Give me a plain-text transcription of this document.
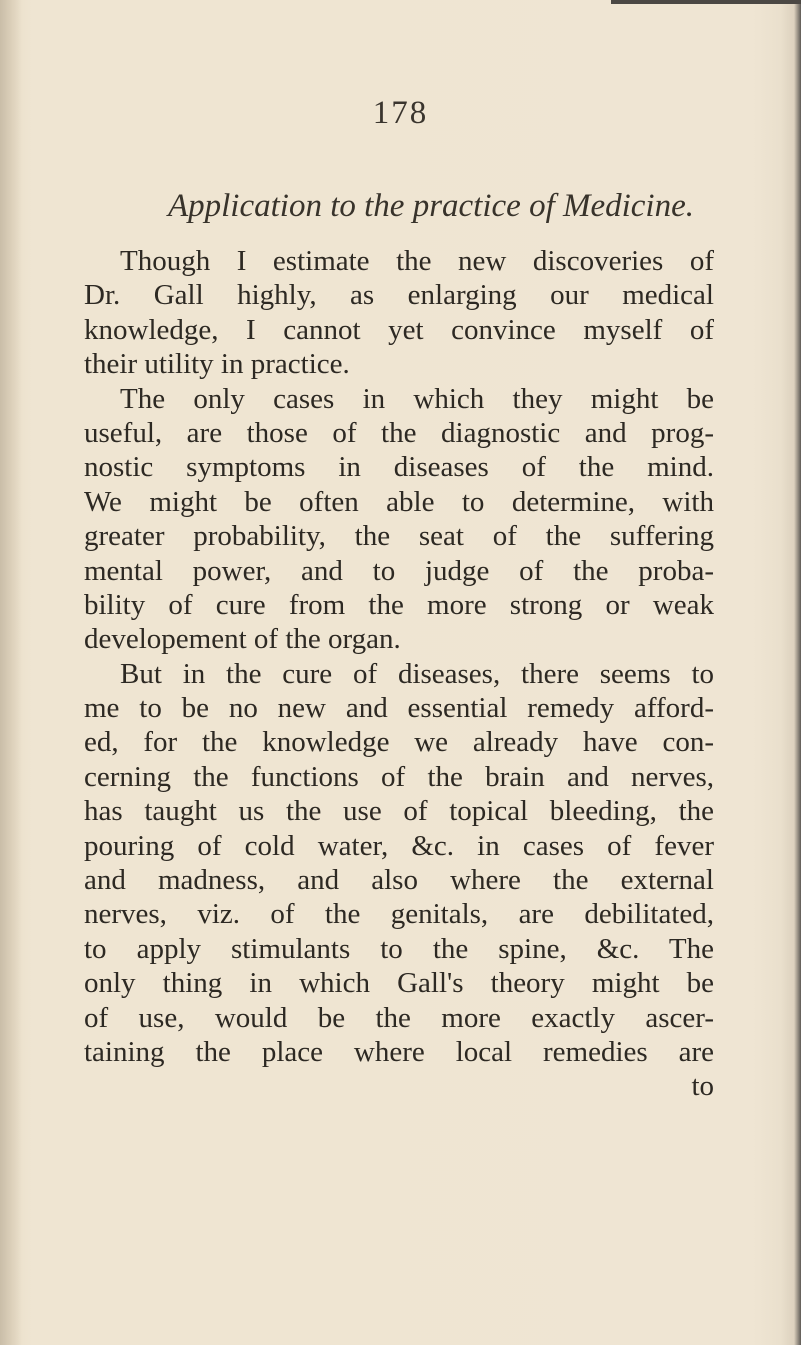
178
Application to the practice of Medicine.
Though I estimate the new discoveries of
Dr. Gall highly, as enlarging our medical
knowledge, I cannot yet convince myself of
their utility in practice.
The only cases in which they might be
useful, are those of the diagnostic and prog-
nostic symptoms in diseases of the mind.
We might be often able to determine, with
greater probability, the seat of the suffering
mental power, and to judge of the proba-
bility of cure from the more strong or weak
developement of the organ.
But in the cure of diseases, there seems to
me to be no new and essential remedy afford-
ed, for the knowledge we already have con-
cerning the functions of the brain and nerves,
has taught us the use of topical bleeding, the
pouring of cold water, &c. in cases of fever
and madness, and also where the external
nerves, viz. of the genitals, are debilitated,
to apply stimulants to the spine, &c. The
only thing in which Gall's theory might be
of use, would be the more exactly ascer-
taining the place where local remedies are
to
